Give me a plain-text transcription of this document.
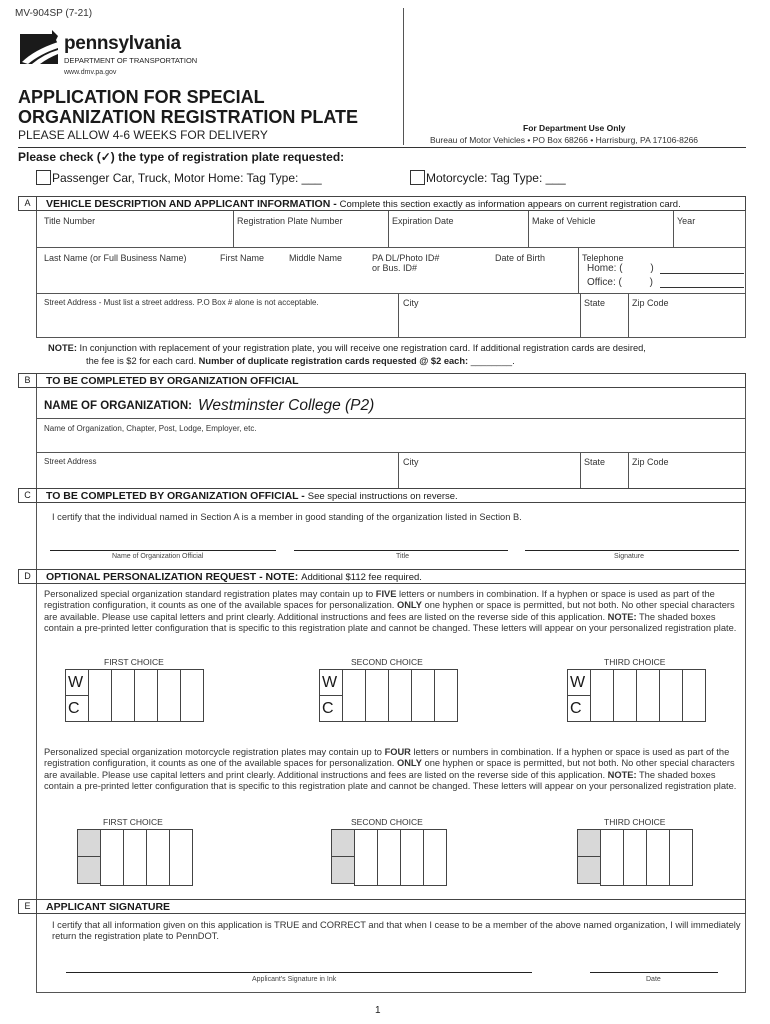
MV-904SP (7-21)
pennsylvania
DEPARTMENT OF TRANSPORTATION
www.dmv.pa.gov
APPLICATION FOR SPECIAL
ORGANIZATION REGISTRATION PLATE
PLEASE ALLOW 4-6 WEEKS FOR DELIVERY	For Department Use Only
Bureau of Motor Vehicles • PO Box 68266 • Harrisburg, PA 17106-8266
Please check (✓) the type of registration plate requested:
Passenger Car, Truck, Motor Home: Tag Type: ___	Motorcycle: Tag Type: ___
A	VEHICLE DESCRIPTION AND APPLICANT INFORMATION - Complete this section exactly as information appears on current registration card.
Title Number	Registration Plate Number	Expiration Date	Make of Vehicle	Year
Last Name (or Full Business Name)	First Name	Middle Name	PA DL/Photo ID#
or Bus. ID#
Date of Birth	Telephone
Home: (          )
Office: (          )
Street Address - Must list a street address. P.O Box # alone is not acceptable.	City	State	Zip Code
NOTE: In conjunction with replacement of your registration plate, you will receive one registration card. If additional registration cards are desired,
the fee is $2 for each card. Number of duplicate registration cards requested @ $2 each: ________.
B	TO BE COMPLETED BY ORGANIZATION OFFICIAL
NAME OF ORGANIZATION: Westminster College (P2)
Name of Organization, Chapter, Post, Lodge, Employer, etc.
Street Address	City	State	Zip Code
C	TO BE COMPLETED BY ORGANIZATION OFFICIAL - See special instructions on reverse.
I certify that the individual named in Section A is a member in good standing of the organization listed in Section B.
Name of Organization Official	Title	Signature
D	OPTIONAL PERSONALIZATION REQUEST - NOTE: Additional $112 fee required.
Personalized special organization standard registration plates may contain up to FIVE letters or numbers in combination. If a hyphen or space is used as part of the registration configuration, it counts as one of the available spaces for personalization. ONLY one hyphen or space is permitted, but not both. No other special characters are available. Please use capital letters and print clearly. Additional instructions and fees are listed on the reverse side of this application. NOTE: The shaded boxes contain a pre-printed letter configuration that is specific to this registration plate and cannot be changed. These letters will appear on your personalized registration plate.
FIRST CHOICE	SECOND CHOICE	THIRD CHOICE
W
C
W
C
W
C
Personalized special organization motorcycle registration plates may contain up to FOUR letters or numbers in combination. If a hyphen or space is used as part of the registration configuration, it counts as one of the available spaces for personalization. ONLY one hyphen or space is permitted, but not both. No other special characters are available. Please use capital letters and print clearly. Additional instructions and fees are listed on the reverse side of this application. NOTE: The shaded boxes contain a pre-printed letter configuration that is specific to this registration plate and cannot be changed. These letters will appear on your personalized registration plate.
FIRST CHOICE	SECOND CHOICE	THIRD CHOICE
E	APPLICANT SIGNATURE
I certify that all information given on this application is TRUE and CORRECT and that when I cease to be a member of the above named organization, I will immediately return the registration plate to PennDOT.
Applicant's Signature in Ink	Date
1
